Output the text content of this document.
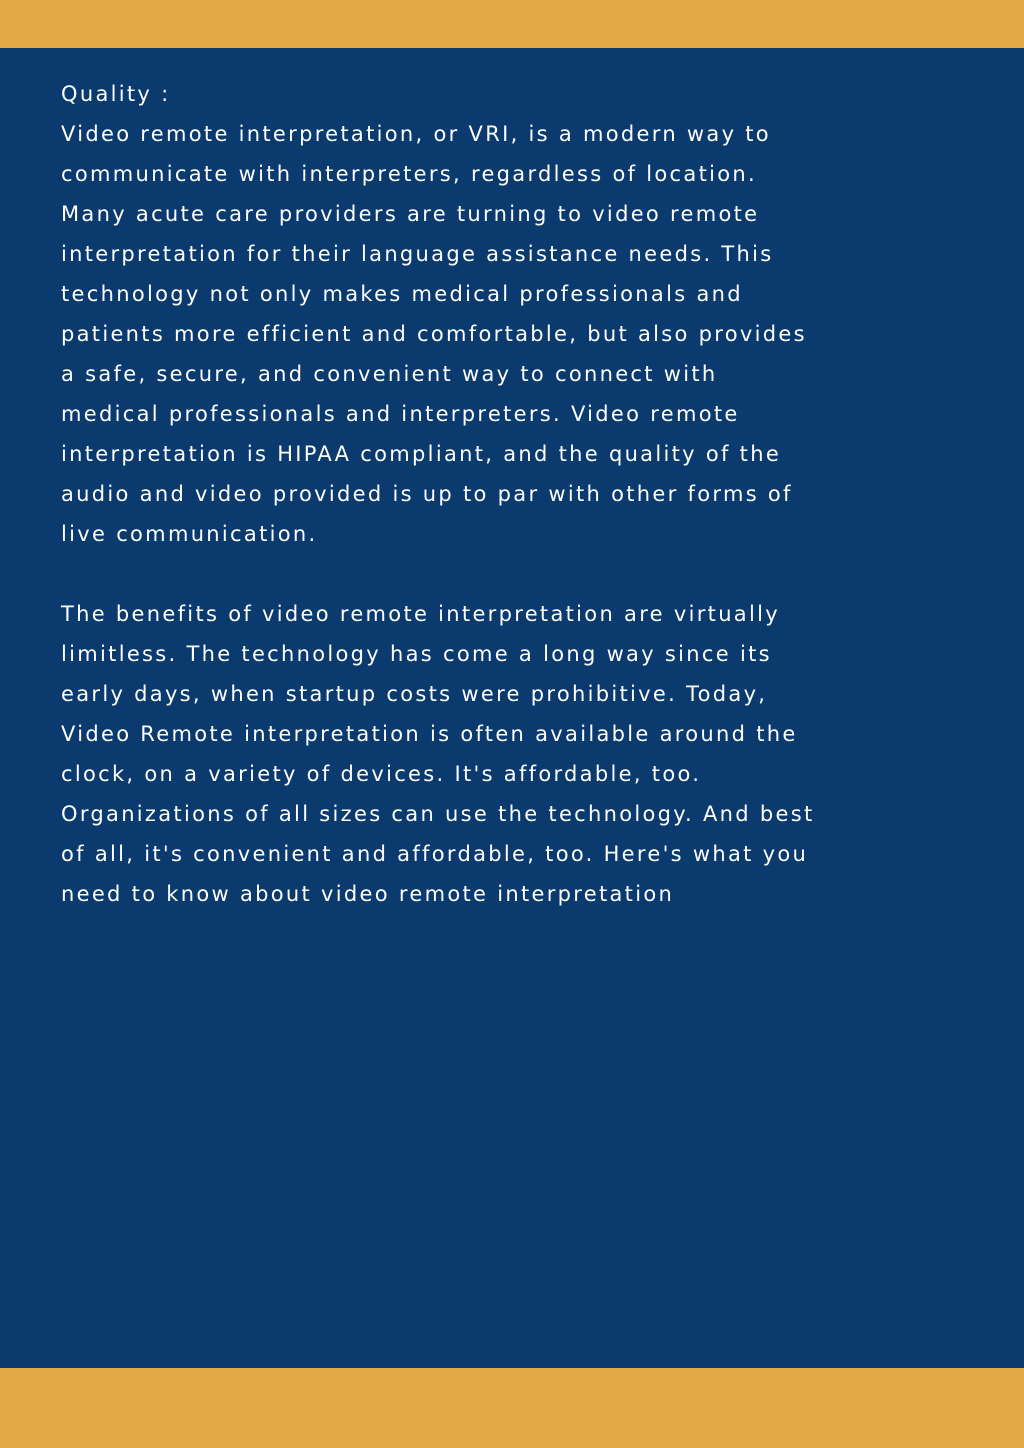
Quality :

Video remote interpretation, or VRI, is a modern way to
communicate with interpreters, regardless of location.
Many acute care providers are turning to video remote
interpretation for their language assistance needs. This
technology not only makes medical professionals and
patients more efficient and comfortable, but also provides
a safe, secure, and convenient way to connect with
medical professionals and interpreters. Video remote
interpretation is HIPAA compliant, and the quality of the
audio and video provided is up to par with other forms of
live communication.

The benefits of video remote interpretation are virtually
limitless. The technology has come a long way since its
early days, when startup costs were prohibitive. Today,
Video Remote interpretation is often available around the
clock, on a variety of devices. It's affordable, too.
Organizations of all sizes can use the technology. And best
of all, it's convenient and affordable, too. Here's what you
need to know about video remote interpretation
